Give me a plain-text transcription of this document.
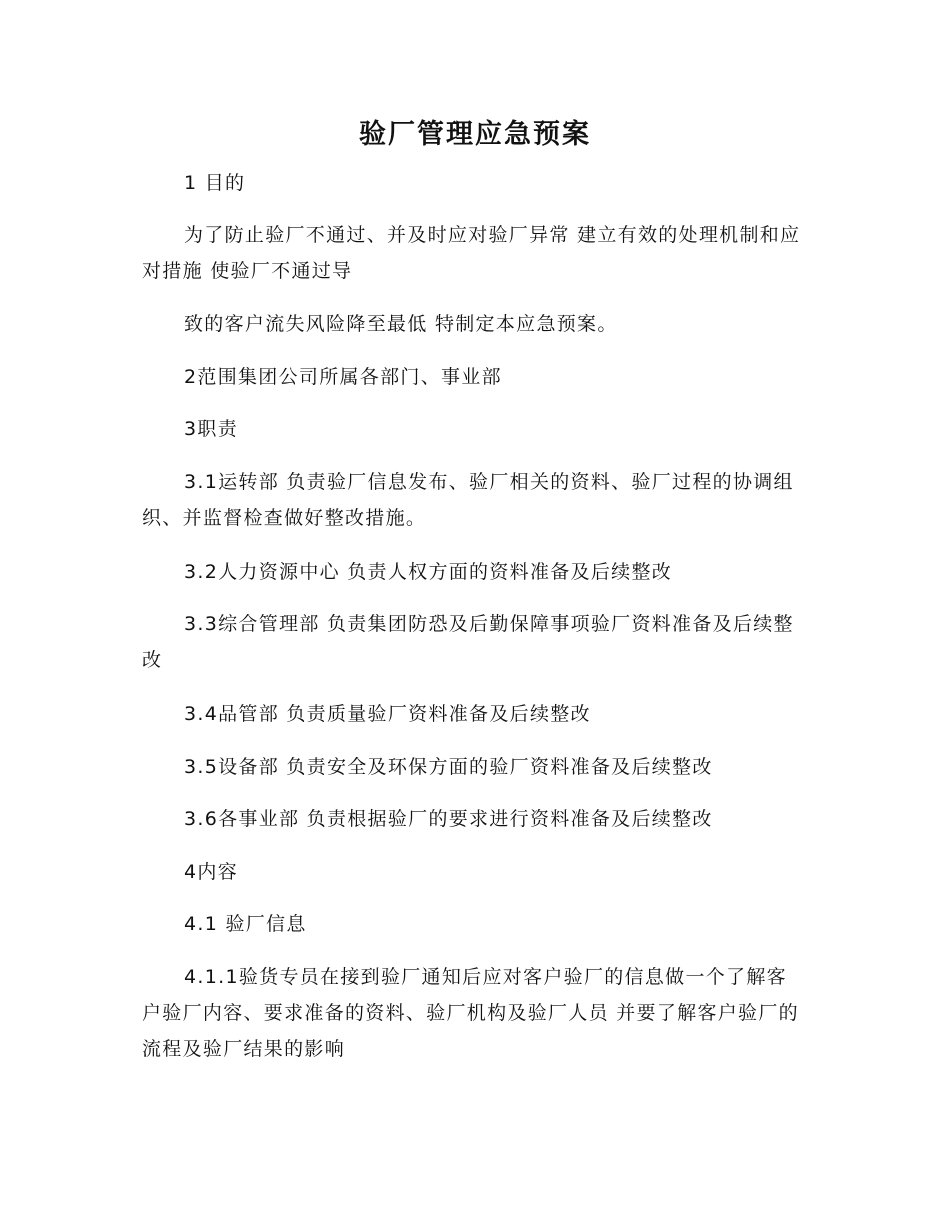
验厂管理应急预案
1 目的
为了防止验厂不通过、并及时应对验厂异常 建立有效的处理机制和应对措施 使验厂不通过导
致的客户流失风险降至最低 特制定本应急预案。
2范围集团公司所属各部门、事业部
3职责
3.1运转部 负责验厂信息发布、验厂相关的资料、验厂过程的协调组织、并监督检查做好整改措施。
3.2人力资源中心 负责人权方面的资料准备及后续整改
3.3综合管理部 负责集团防恐及后勤保障事项验厂资料准备及后续整改
3.4品管部 负责质量验厂资料准备及后续整改
3.5设备部 负责安全及环保方面的验厂资料准备及后续整改
3.6各事业部 负责根据验厂的要求进行资料准备及后续整改
4内容
4.1 验厂信息
4.1.1验货专员在接到验厂通知后应对客户验厂的信息做一个了解客户验厂内容、要求准备的资料、验厂机构及验厂人员 并要了解客户验厂的流程及验厂结果的影响
